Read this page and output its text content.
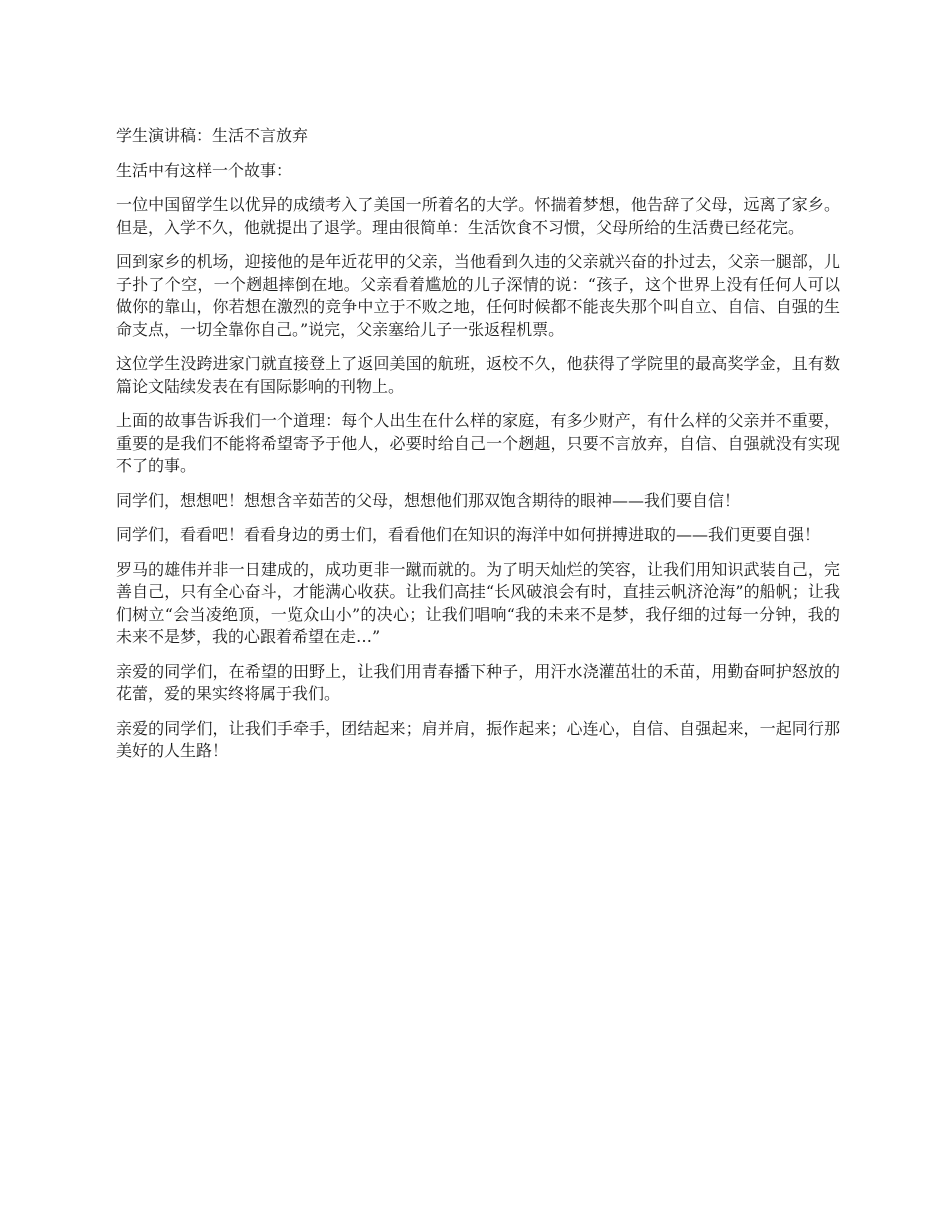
学生演讲稿：生活不言放弃

生活中有这样一个故事：

一位中国留学生以优异的成绩考入了美国一所着名的大学。怀揣着梦想，他告辞了父母，远离了家乡。但是，入学不久，他就提出了退学。理由很简单：生活饮食不习惯，父母所给的生活费已经花完。

回到家乡的机场，迎接他的是年近花甲的父亲，当他看到久违的父亲就兴奋的扑过去，父亲一腿部，儿子扑了个空，一个趔趄摔倒在地。父亲看着尴尬的儿子深情的说：“孩子，这个世界上没有任何人可以做你的靠山，你若想在激烈的竞争中立于不败之地，任何时候都不能丧失那个叫自立、自信、自强的生命支点，一切全靠你自己。”说完，父亲塞给儿子一张返程机票。

这位学生没跨进家门就直接登上了返回美国的航班，返校不久，他获得了学院里的最高奖学金，且有数篇论文陆续发表在有国际影响的刊物上。

上面的故事告诉我们一个道理：每个人出生在什么样的家庭，有多少财产，有什么样的父亲并不重要，重要的是我们不能将希望寄予于他人，必要时给自己一个趔趄，只要不言放弃，自信、自强就没有实现不了的事。

同学们，想想吧！想想含辛茹苦的父母，想想他们那双饱含期待的眼神——我们要自信！

同学们，看看吧！看看身边的勇士们，看看他们在知识的海洋中如何拼搏进取的——我们更要自强！

罗马的雄伟并非一日建成的，成功更非一蹴而就的。为了明天灿烂的笑容，让我们用知识武装自己，完善自己，只有全心奋斗，才能满心收获。让我们高挂“长风破浪会有时，直挂云帆济沧海”的船帆；让我们树立“会当凌绝顶，一览众山小”的决心；让我们唱响“我的未来不是梦，我仔细的过每一分钟，我的未来不是梦，我的心跟着希望在走…”

亲爱的同学们，在希望的田野上，让我们用青春播下种子，用汗水浇灌茁壮的禾苗，用勤奋呵护怒放的花蕾，爱的果实终将属于我们。

亲爱的同学们，让我们手牵手，团结起来；肩并肩，振作起来；心连心，自信、自强起来，一起同行那美好的人生路！
